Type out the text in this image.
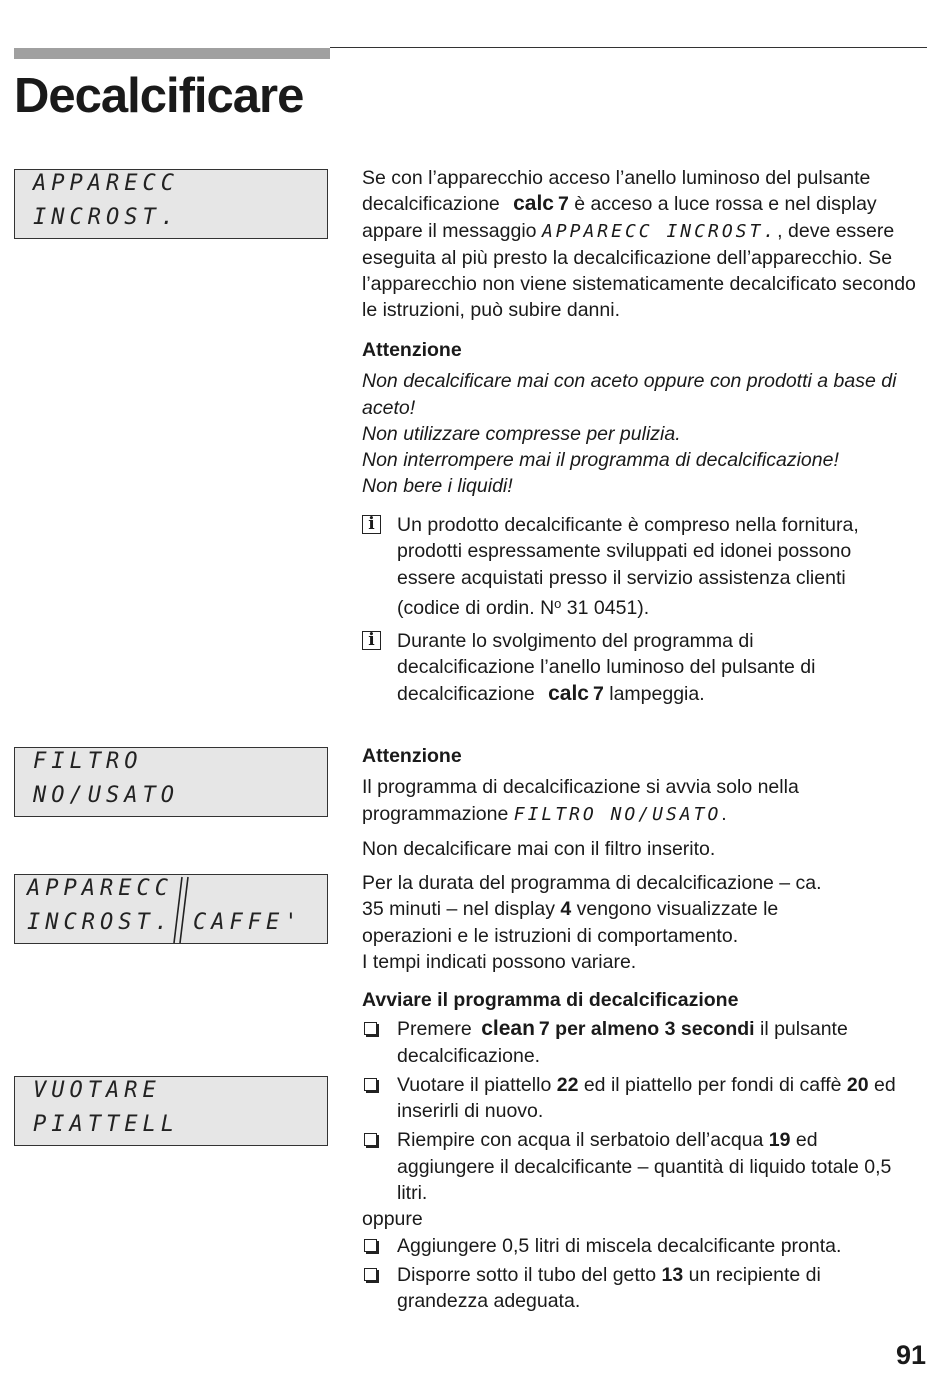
Decalcificare
APPARECC
INCROST.
FILTRO
NO/USATO
APPARECC
INCROST. CAFFE'
VUOTARE
PIATTELL

Se con l’apparecchio acceso l’anello luminoso del pulsante decalcificazione calc 7 è acceso a luce rossa e nel display appare il messaggio APPARECC INCROST., deve essere eseguita al più presto la decalcificazione dell’apparecchio. Se l’apparecchio non viene sistematicamente decalcificato secondo le istruzioni, può subire danni.

Attenzione

Non decalcificare mai con aceto oppure con prodotti a base di aceto!

Non utilizzare compresse per pulizia.

Non interrompere mai il programma di decalcificazione!

Non bere i liquidi!

i	Un prodotto decalcificante è compreso nella fornitura, prodotti espressamente sviluppati ed idonei possono essere acquistati presso il servizio assistenza clienti (codice di ordin. $N^o$ 31 0451).

i	Durante lo svolgimento del programma di decalcificazione l’anello luminoso del pulsante di decalcificazione calc 7 lampeggia.

Attenzione

Il programma di decalcificazione si avvia solo nella programmazione FILTRO NO/USATO.

Non decalcificare mai con il filtro inserito.

Per la durata del programma di decalcificazione – ca. 35 minuti – nel display 4 vengono visualizzate le operazioni e le istruzioni di comportamento.
I tempi indicati possono variare.

Avviare il programma di decalcificazione

Premere clean 7 per almeno 3 secondi il pulsante decalcificazione.

Vuotare il piattello 22 ed il piattello per fondi di caffè 20 ed inserirli di nuovo.

Riempire con acqua il serbatoio dell’acqua 19 ed aggiungere il decalcificante – quantità di liquido totale 0,5 litri.

oppure

Aggiungere 0,5 litri di miscela decalcificante pronta.

Disporre sotto il tubo del getto 13 un recipiente di grandezza adeguata.

91
